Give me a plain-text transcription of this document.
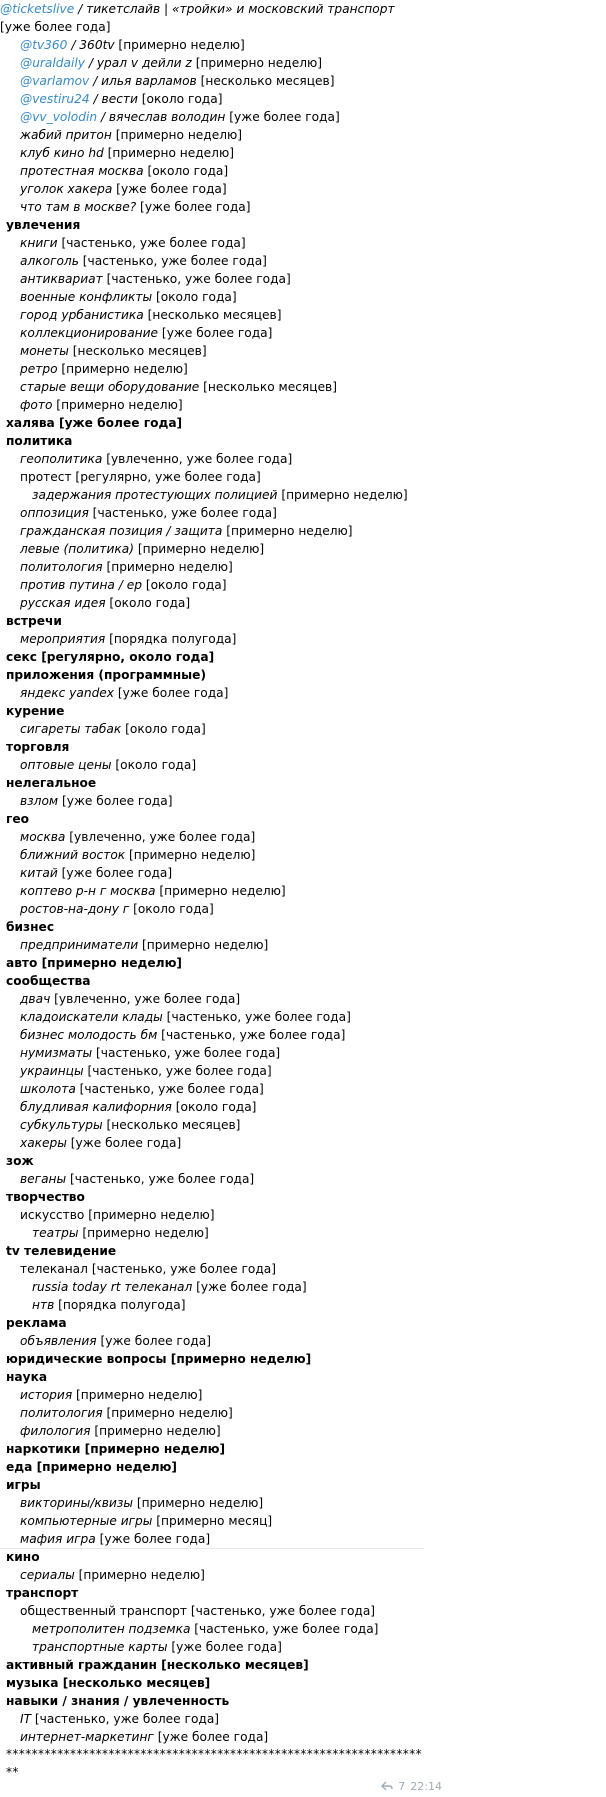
@ticketslive / тикетслайв | «тройки» и московский транспорт
[уже более года]
@tv360 / 360tv [примерно неделю]
@uraldaily / урал v дейли z [примерно неделю]
@varlamov / илья варламов [несколько месяцев]
@vestiru24 / вести [около года]
@vv_volodin / вячеслав володин [уже более года]
жабий притон [примерно неделю]
клуб кино hd [примерно неделю]
протестная москва [около года]
уголок хакера [уже более года]
что там в москве? [уже более года]
увлечения
книги [частенько, уже более года]
алкоголь [частенько, уже более года]
антиквариат [частенько, уже более года]
военные конфликты [около года]
город урбанистика [несколько месяцев]
коллекционирование [уже более года]
монеты [несколько месяцев]
ретро [примерно неделю]
старые вещи оборудование [несколько месяцев]
фото [примерно неделю]
халява [уже более года]
политика
геополитика [увлеченно, уже более года]
протест [регулярно, уже более года]
задержания протестующих полицией [примерно неделю]
оппозиция [частенько, уже более года]
гражданская позиция / защита [примерно неделю]
левые (политика) [примерно неделю]
политология [примерно неделю]
против путина / ер [около года]
русская идея [около года]
встречи
мероприятия [порядка полугода]
секс [регулярно, около года]
приложения (программные)
яндекс yandex [уже более года]
курение
сигареты табак [около года]
торговля
оптовые цены [около года]
нелегальное
взлом [уже более года]
гео
москва [увлеченно, уже более года]
ближний восток [примерно неделю]
китай [уже более года]
коптево р-н г москва [примерно неделю]
ростов-на-дону г [около года]
бизнес
предприниматели [примерно неделю]
авто [примерно неделю]
сообщества
двач [увлеченно, уже более года]
кладоискатели клады [частенько, уже более года]
бизнес молодость бм [частенько, уже более года]
нумизматы [частенько, уже более года]
украинцы [частенько, уже более года]
школота [частенько, уже более года]
блудливая калифорния [около года]
субкультуры [несколько месяцев]
хакеры [уже более года]
зож
веганы [частенько, уже более года]
творчество
искусство [примерно неделю]
театры [примерно неделю]
tv телевидение
телеканал [частенько, уже более года]
russia today rt телеканал [уже более года]
нтв [порядка полугода]
реклама
объявления [уже более года]
юридические вопросы [примерно неделю]
наука
история [примерно неделю]
политология [примерно неделю]
филология [примерно неделю]
наркотики [примерно неделю]
еда [примерно неделю]
игры
викторины/квизы [примерно неделю]
компьютерные игры [примерно месяц]
мафия игра [уже более года]
кино
сериалы [примерно неделю]
транспорт
общественный транспорт [частенько, уже более года]
метрополитен подземка [частенько, уже более года]
транспортные карты [уже более года]
активный гражданин [несколько месяцев]
музыка [несколько месяцев]
навыки / знания / увлеченность
IT [частенько, уже более года]
интернет-маркетинг [уже более года]
*******************************************************************
7 22:14
